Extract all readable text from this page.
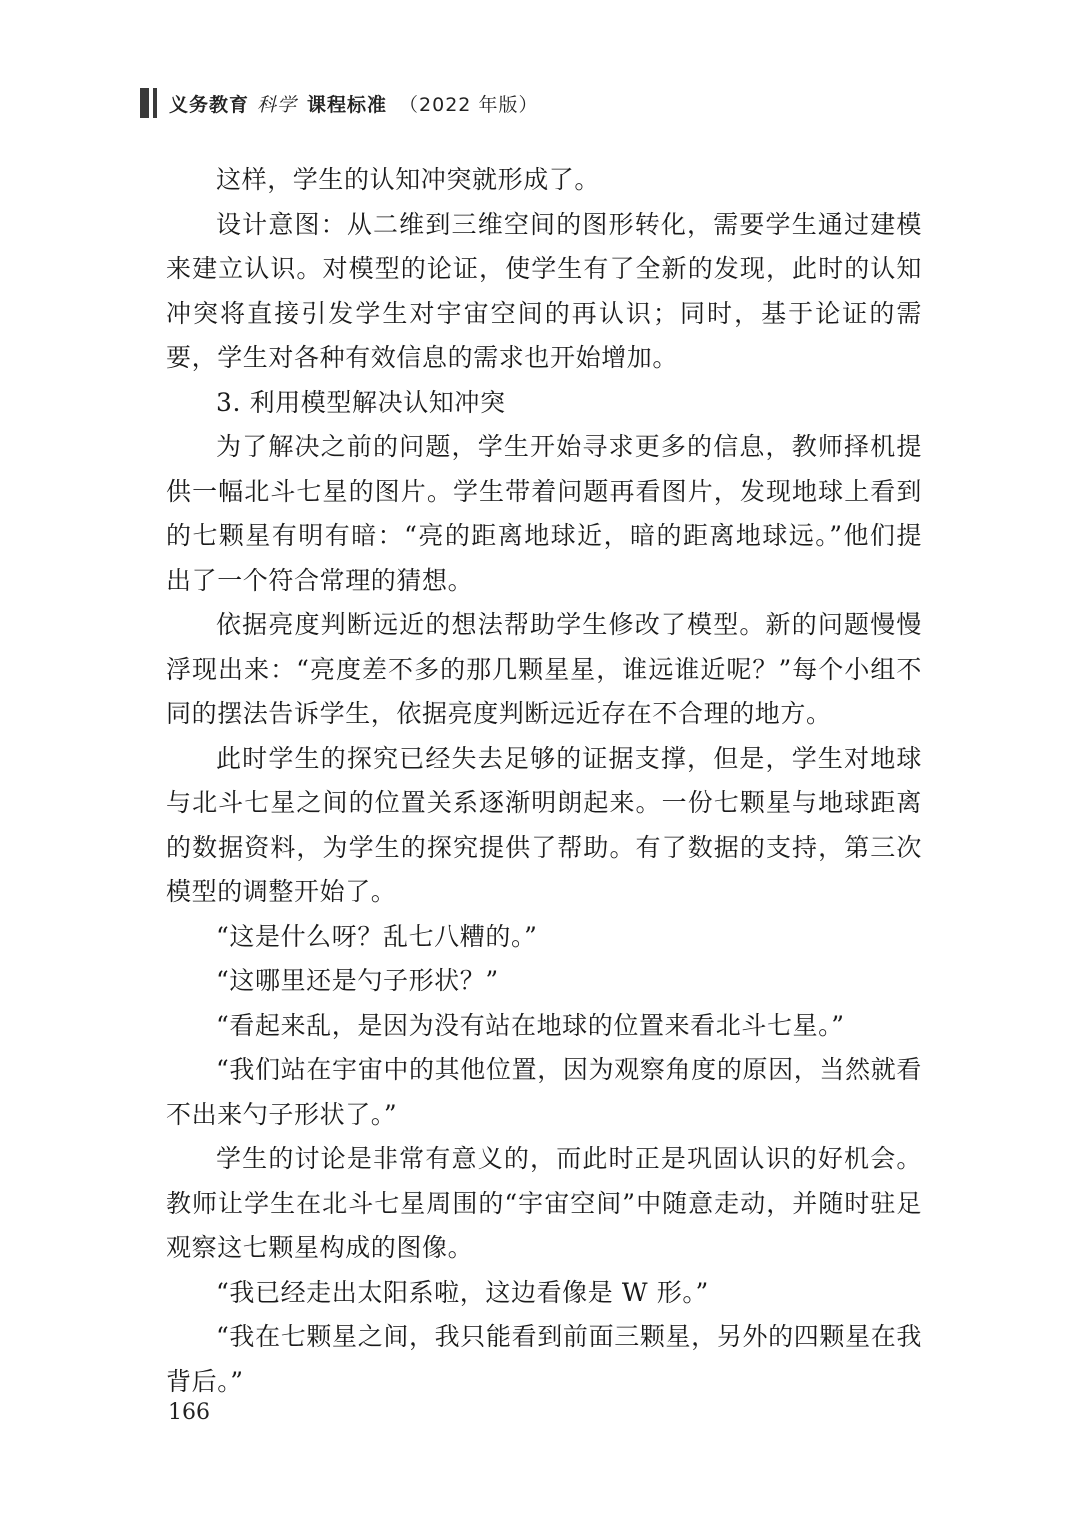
义务教育 科学 课程标准 （2022 年版）

这样，学生的认知冲突就形成了。

设计意图：从二维到三维空间的图形转化，需要学生通过建模来建立认识。对模型的论证，使学生有了全新的发现，此时的认知冲突将直接引发学生对宇宙空间的再认识；同时，基于论证的需要，学生对各种有效信息的需求也开始增加。

3. 利用模型解决认知冲突

为了解决之前的问题，学生开始寻求更多的信息，教师择机提供一幅北斗七星的图片。学生带着问题再看图片，发现地球上看到的七颗星有明有暗：“亮的距离地球近，暗的距离地球远。”他们提出了一个符合常理的猜想。

依据亮度判断远近的想法帮助学生修改了模型。新的问题慢慢浮现出来：“亮度差不多的那几颗星星，谁远谁近呢？”每个小组不同的摆法告诉学生，依据亮度判断远近存在不合理的地方。

此时学生的探究已经失去足够的证据支撑，但是，学生对地球与北斗七星之间的位置关系逐渐明朗起来。一份七颗星与地球距离的数据资料，为学生的探究提供了帮助。有了数据的支持，第三次模型的调整开始了。

“这是什么呀？乱七八糟的。”

“这哪里还是勺子形状？”

“看起来乱，是因为没有站在地球的位置来看北斗七星。”

“我们站在宇宙中的其他位置，因为观察角度的原因，当然就看不出来勺子形状了。”

学生的讨论是非常有意义的，而此时正是巩固认识的好机会。教师让学生在北斗七星周围的“宇宙空间”中随意走动，并随时驻足观察这七颗星构成的图像。

“我已经走出太阳系啦，这边看像是 W 形。”

“我在七颗星之间，我只能看到前面三颗星，另外的四颗星在我背后。”

166
